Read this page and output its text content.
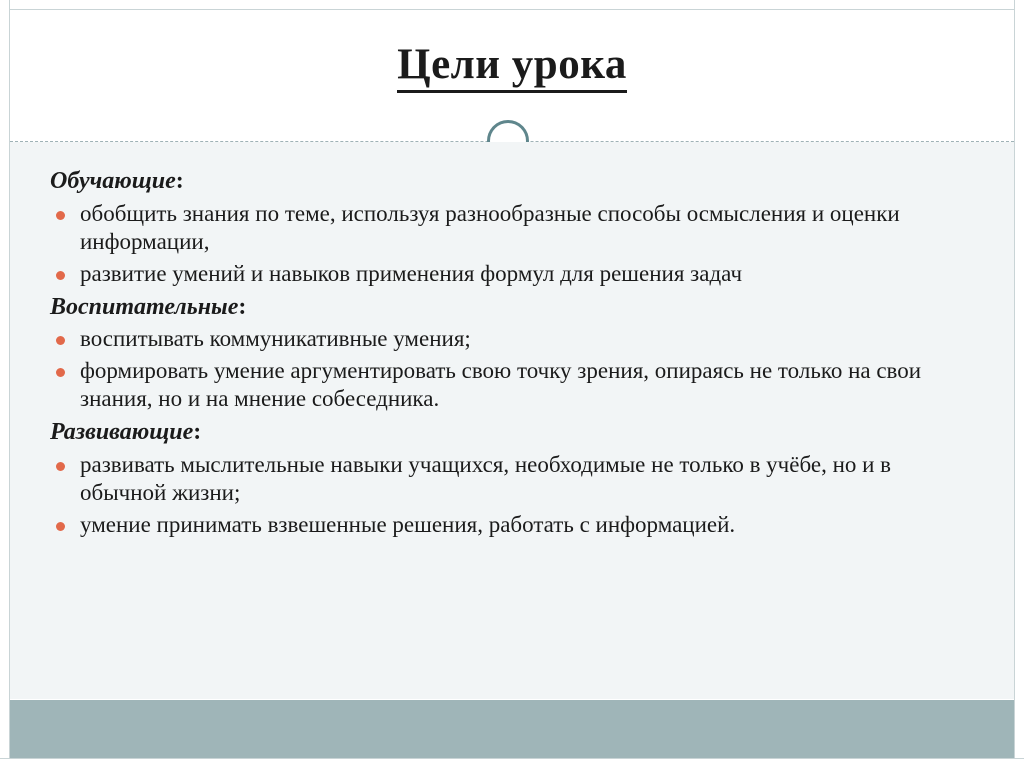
Цели урока
Обучающие:
обобщить знания по теме, используя разнообразные способы осмысления и оценки информации,
развитие умений и навыков применения формул для решения задач
Воспитательные:
воспитывать коммуникативные умения;
формировать умение аргументировать свою точку зрения, опираясь не только на свои знания, но и на мнение собеседника.
Развивающие:
развивать мыслительные навыки учащихся, необходимые не только в учёбе, но и в обычной жизни;
умение принимать взвешенные решения, работать с информацией.
